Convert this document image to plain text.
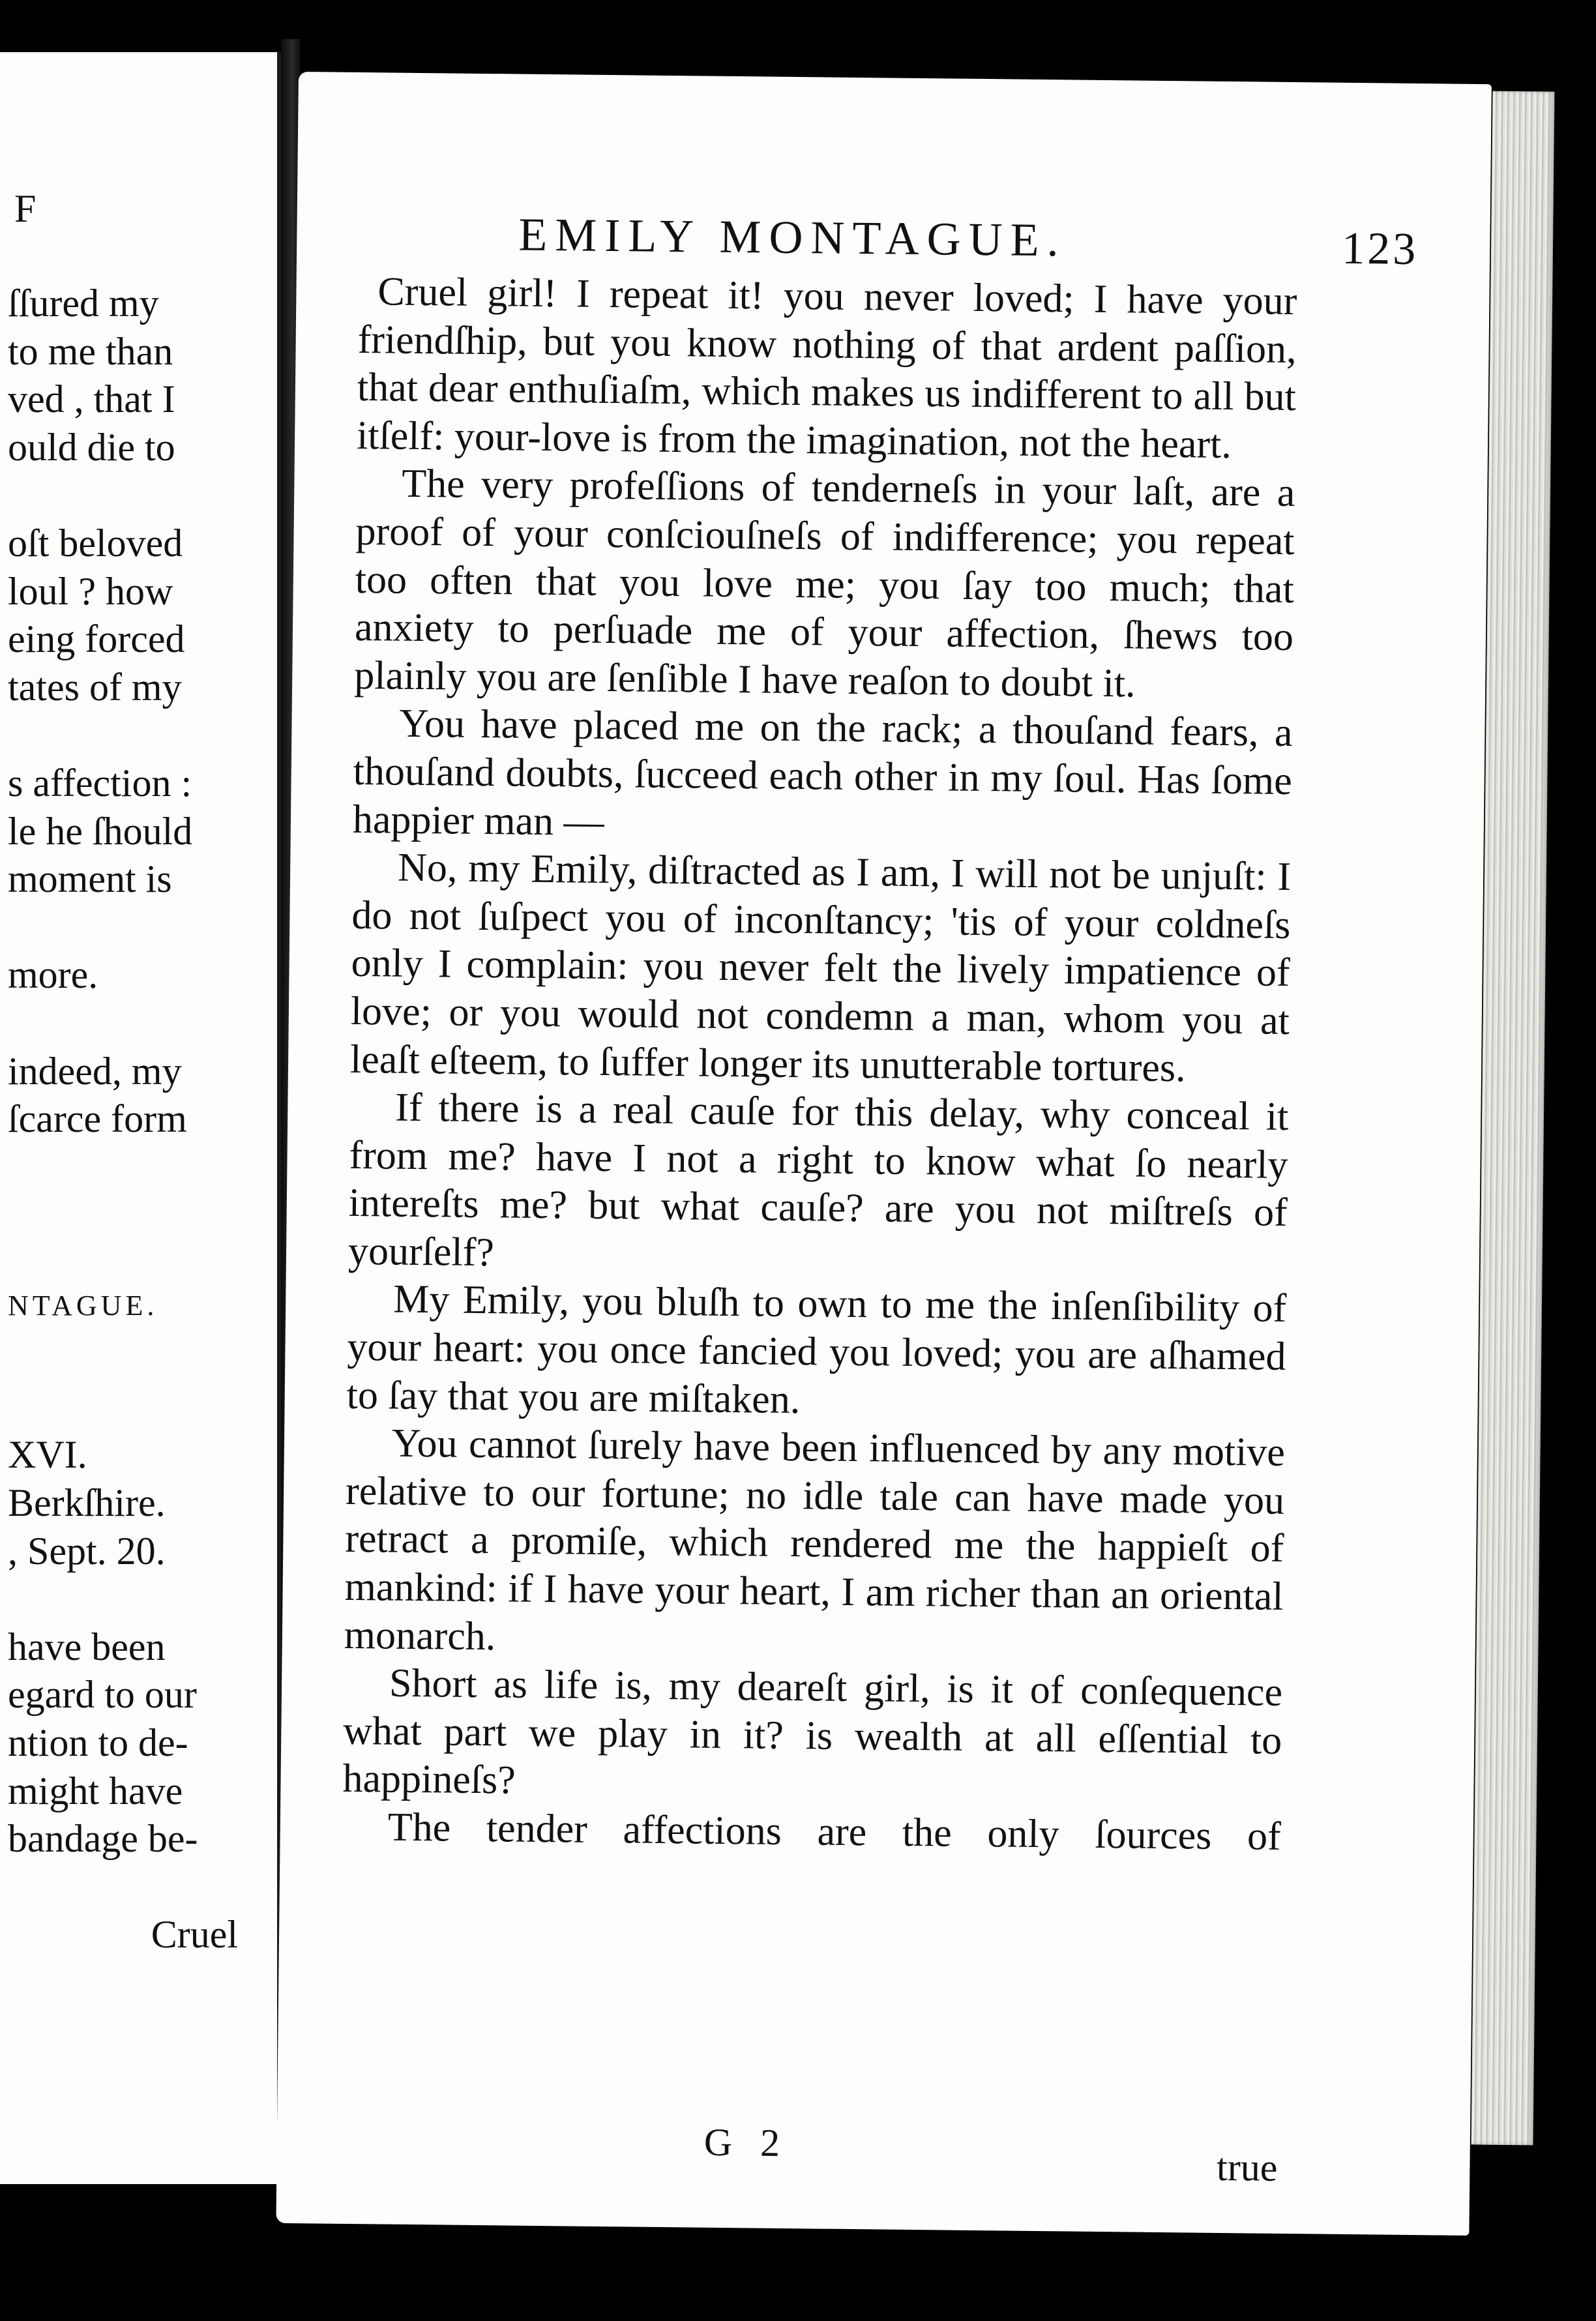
F
ſſured my
to me than
ved , that I
ould die to
oſt beloved
loul ? how
eing forced
tates of my
s affection :
le he ſhould
moment is
more.
indeed, my
ſcarce form
NTAGUE.
XVI.
Berkſhire.
, Sept. 20.
have been
egard to our
ntion to de-
might have
bandage be-
Cruel
EMILY MONTAGUE.	123

Cruel girl! I repeat it! you never loved; I have your friendſhip, but you know nothing of that ardent paſſion, that dear enthuſiaſm, which makes us indifferent to all but itſelf: your-love is from the imagination, not the heart.

The very profeſſions of tenderneſs in your laſt, are a proof of your conſciouſneſs of indifference; you repeat too often that you love me; you ſay too much; that anxiety to perſuade me of your affection, ſhews too plainly you are ſenſible I have reaſon to doubt it.

You have placed me on the rack; a thouſand fears, a thouſand doubts, ſucceed each other in my ſoul. Has ſome happier man —

No, my Emily, diſtracted as I am, I will not be unjuſt: I do not ſuſpect you of inconſtancy; 'tis of your coldneſs only I complain: you never felt the lively impatience of love; or you would not condemn a man, whom you at leaſt eſteem, to ſuffer longer its unutterable tortures.

If there is a real cauſe for this delay, why conceal it from me? have I not a right to know what ſo nearly intereſts me? but what cauſe? are you not miſtreſs of yourſelf?

My Emily, you bluſh to own to me the inſenſibility of your heart: you once fancied you loved; you are aſhamed to ſay that you are miſtaken.

You cannot ſurely have been influenced by any motive relative to our fortune; no idle tale can have made you retract a promiſe, which rendered me the happieſt of mankind: if I have your heart, I am richer than an oriental monarch.

Short as life is, my deareſt girl, is it of conſequence what part we play in it? is wealth at all eſſential to happineſs?

The tender affections are the only ſources of

G 2
true
